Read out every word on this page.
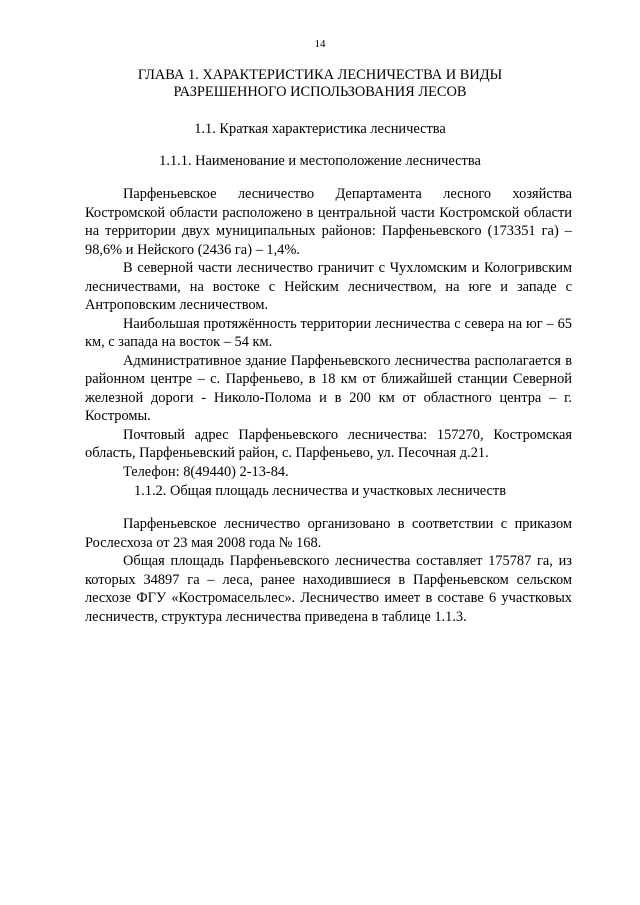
14
ГЛАВА 1. ХАРАКТЕРИСТИКА ЛЕСНИЧЕСТВА И ВИДЫ РАЗРЕШЕННОГО ИСПОЛЬЗОВАНИЯ ЛЕСОВ
1.1. Краткая характеристика лесничества
1.1.1. Наименование и местоположение лесничества

Парфеньевское лесничество Департамента лесного хозяйства Костромской области расположено в центральной части Костромской области на территории двух муниципальных районов: Парфеньевского (173351 га) – 98,6% и Нейского (2436 га) – 1,4%.

В северной части лесничество граничит с Чухломским и Кологривским лесничествами, на востоке с Нейским лесничеством, на юге и западе с Антроповским лесничеством.

Наибольшая протяжённость территории лесничества с севера на юг – 65 км, с запада на восток – 54 км.

Административное здание Парфеньевского лесничества располагается в районном центре – с. Парфеньево, в 18 км от ближайшей станции Северной железной дороги - Николо-Полома и в 200 км от областного центра – г. Костромы.

Почтовый адрес Парфеньевского лесничества: 157270, Костромская область, Парфеньевский район, с. Парфеньево, ул. Песочная д.21.

Телефон: 8(49440) 2-13-84.

1.1.2. Общая площадь лесничества и участковых лесничеств

Парфеньевское лесничество организовано в соответствии с приказом Рослесхоза от 23 мая 2008 года № 168.

Общая площадь Парфеньевского лесничества составляет 175787 га, из которых 34897 га – леса, ранее находившиеся в Парфеньевском сельском лесхозе ФГУ «Костромасельлес». Лесничество имеет в составе 6 участковых лесничеств, структура лесничества приведена в таблице 1.1.3.
